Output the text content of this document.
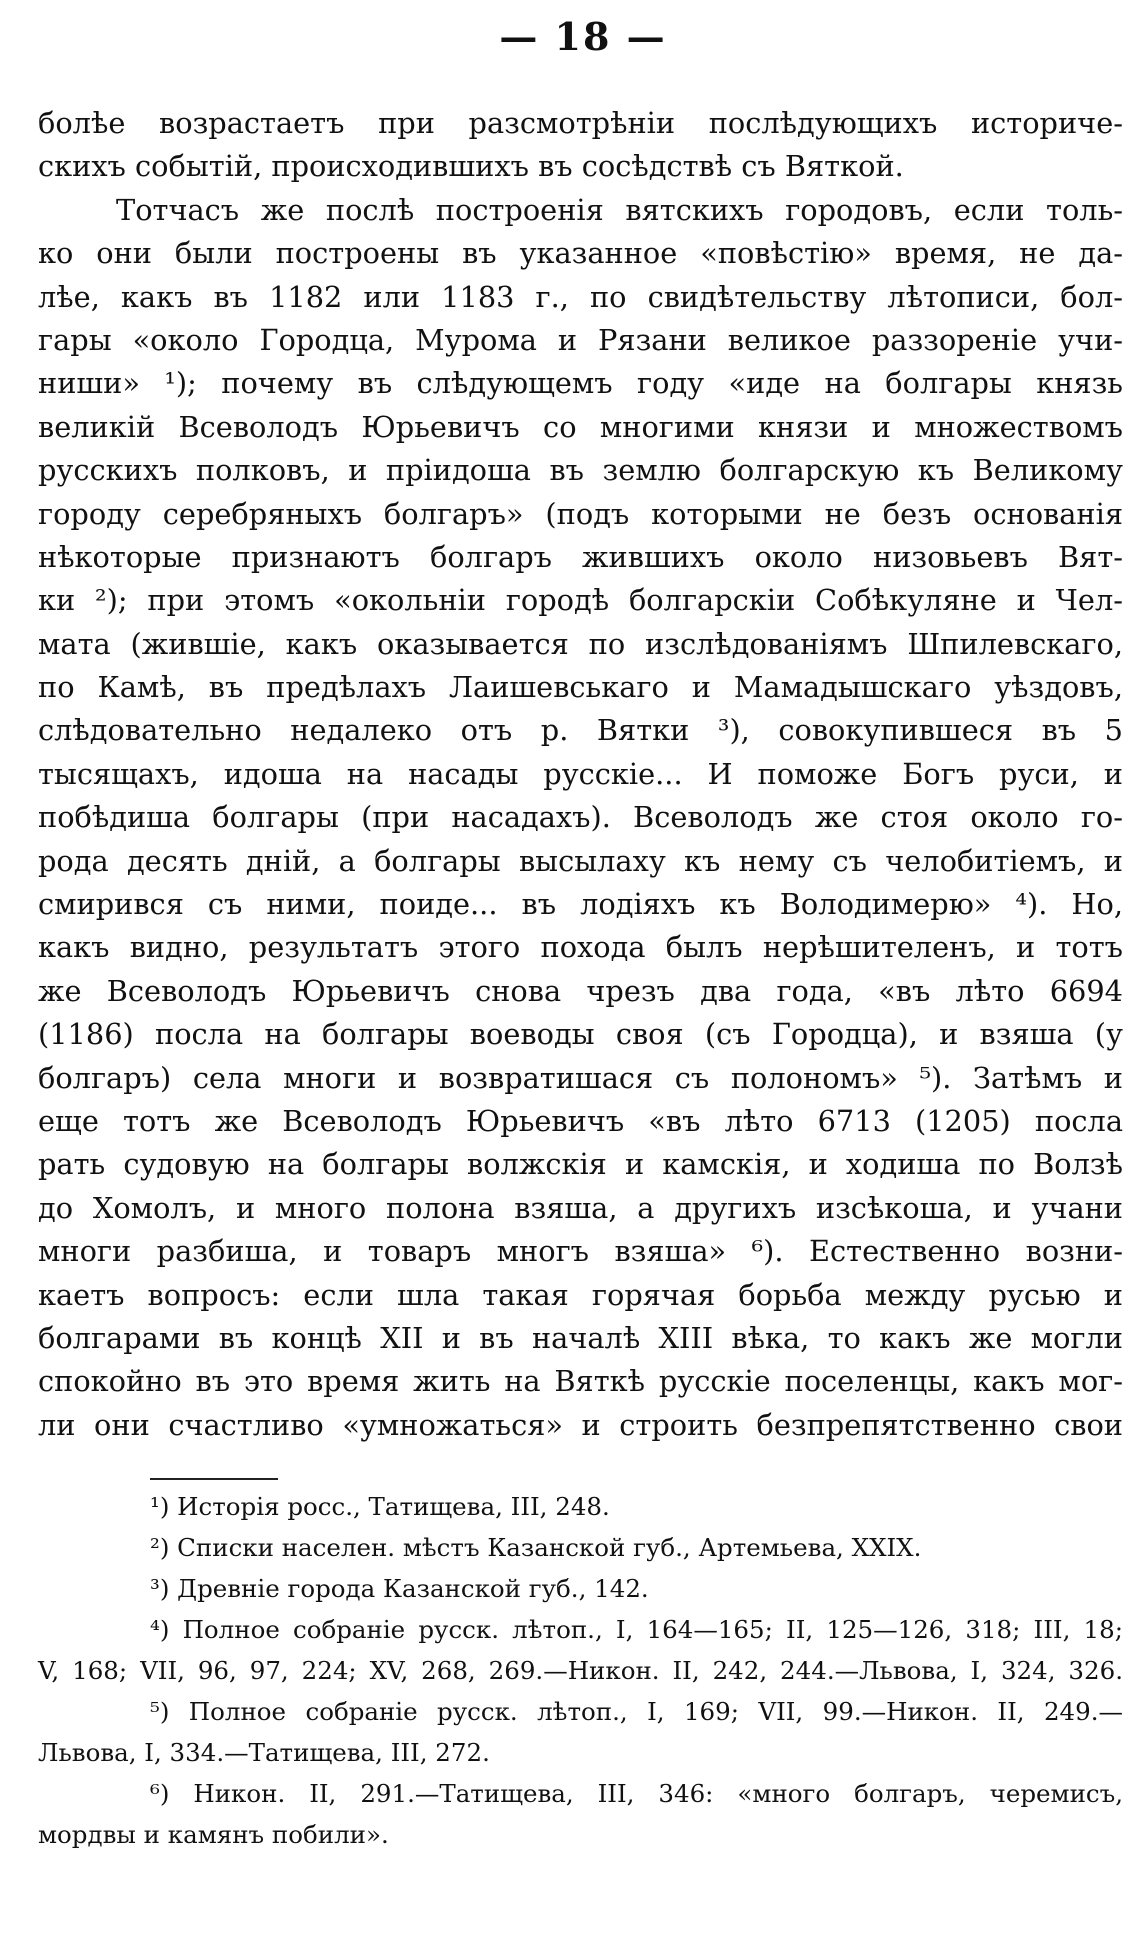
— 18 —
болѣе возрастаетъ при разсмотрѣніи послѣдующихъ историче-
скихъ событій, происходившихъ въ сосѣдствѣ съ Вяткой.
Тотчасъ же послѣ построенія вятскихъ городовъ, если толь-
ко они были построены въ указанное «повѣстію» время, не да-
лѣе, какъ въ 1182 или 1183 г., по свидѣтельству лѣтописи, бол-
гары «около Городца, Мурома и Рязани великое раззореніе учи-
ниши» ¹); почему въ слѣдующемъ году «иде на болгары князь
великій Всеволодъ Юрьевичъ со многими князи и множествомъ
русскихъ полковъ, и пріидоша въ землю болгарскую къ Великому
городу серебряныхъ болгаръ» (подъ которыми не безъ основанія
нѣкоторые признаютъ болгаръ жившихъ около низовьевъ Вят-
ки ²); при этомъ «окольніи городѣ болгарскіи Собѣкуляне и Чел-
мата (жившіе, какъ оказывается по изслѣдованіямъ Шпилевскаго,
по Камѣ, въ предѣлахъ Лаишевськаго и Мамадышскаго уѣздовъ,
слѣдовательно недалеко отъ р. Вятки ³), совокупившеся въ 5
тысящахъ, идоша на насады русскіе... И поможе Богъ руси, и
побѣдиша болгары (при насадахъ). Всеволодъ же стоя около го-
рода десять дній, а болгары высылаху къ нему съ челобитіемъ, и
смирився съ ними, поиде... въ лодіяхъ къ Володимерю» ⁴). Но,
какъ видно, результатъ этого похода былъ нерѣшителенъ, и тотъ
же Всеволодъ Юрьевичъ снова чрезъ два года, «въ лѣто 6694
(1186) посла на болгары воеводы своя (съ Городца), и взяша (у
болгаръ) села многи и возвратишася съ полономъ» ⁵). Затѣмъ и
еще тотъ же Всеволодъ Юрьевичъ «въ лѣто 6713 (1205) посла
рать судовую на болгары волжскія и камскія, и ходиша по Волзѣ
до Хомолъ, и много полона взяша, а другихъ изсѣкоша, и учани
многи разбиша, и товаръ многъ взяша» ⁶). Естественно возни-
каетъ вопросъ: если шла такая горячая борьба между русью и
болгарами въ концѣ XII и въ началѣ XIII вѣка, то какъ же могли
спокойно въ это время жить на Вяткѣ русскіе поселенцы, какъ мог-
ли они счастливо «умножаться» и строить безпрепятственно свои
¹) Исторія росс., Татищева, III, 248.
²) Списки населен. мѣстъ Казанской губ., Артемьева, XXIX.
³) Древніе города Казанской губ., 142.
⁴) Полное собраніе русск. лѣтоп., I, 164—165; II, 125—126, 318; III, 18;
V, 168; VII, 96, 97, 224; XV, 268, 269.—Никон. II, 242, 244.—Львова, I, 324, 326.
⁵) Полное собраніе русск. лѣтоп., I, 169; VII, 99.—Никон. II, 249.—
Львова, I, 334.—Татищева, III, 272.
⁶) Никон. II, 291.—Татищева, III, 346: «много болгаръ, черемисъ,
мордвы и камянъ побили».
